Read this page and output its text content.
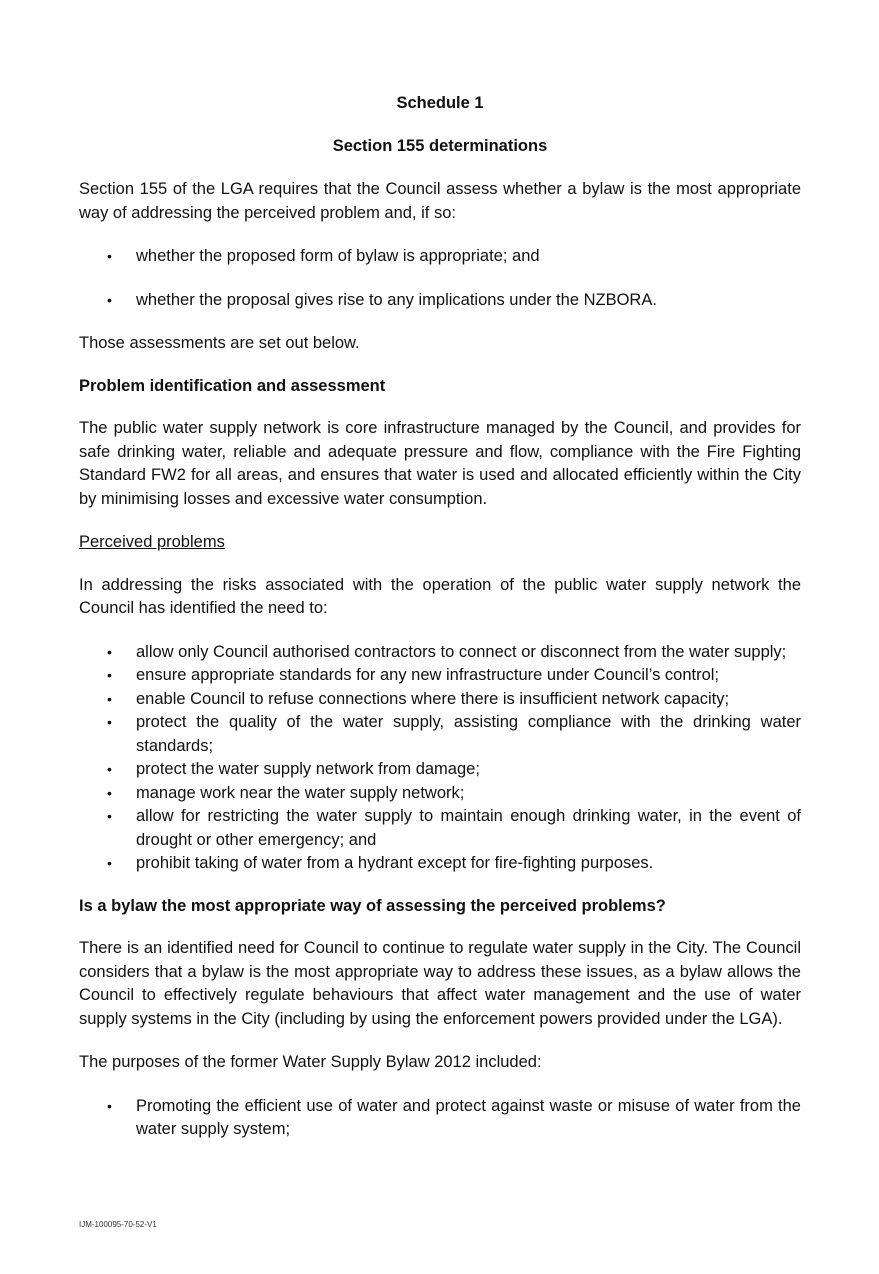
Schedule 1

Section 155 determinations

Section 155 of the LGA requires that the Council assess whether a bylaw is the most appropriate way of addressing the perceived problem and, if so:

• whether the proposed form of bylaw is appropriate; and
• whether the proposal gives rise to any implications under the NZBORA.

Those assessments are set out below.

Problem identification and assessment

The public water supply network is core infrastructure managed by the Council, and provides for safe drinking water, reliable and adequate pressure and flow, compliance with the Fire Fighting Standard FW2 for all areas, and ensures that water is used and allocated efficiently within the City by minimising losses and excessive water consumption.

Perceived problems

In addressing the risks associated with the operation of the public water supply network the Council has identified the need to:

• allow only Council authorised contractors to connect or disconnect from the water supply;
• ensure appropriate standards for any new infrastructure under Council’s control;
• enable Council to refuse connections where there is insufficient network capacity;
• protect the quality of the water supply, assisting compliance with the drinking water standards;
• protect the water supply network from damage;
• manage work near the water supply network;
• allow for restricting the water supply to maintain enough drinking water, in the event of drought or other emergency; and
• prohibit taking of water from a hydrant except for fire-fighting purposes.

Is a bylaw the most appropriate way of assessing the perceived problems?

There is an identified need for Council to continue to regulate water supply in the City. The Council considers that a bylaw is the most appropriate way to address these issues, as a bylaw allows the Council to effectively regulate behaviours that affect water management and the use of water supply systems in the City (including by using the enforcement powers provided under the LGA).

The purposes of the former Water Supply Bylaw 2012 included:

• Promoting the efficient use of water and protect against waste or misuse of water from the water supply system;
IJM-100095-70-52-V1
